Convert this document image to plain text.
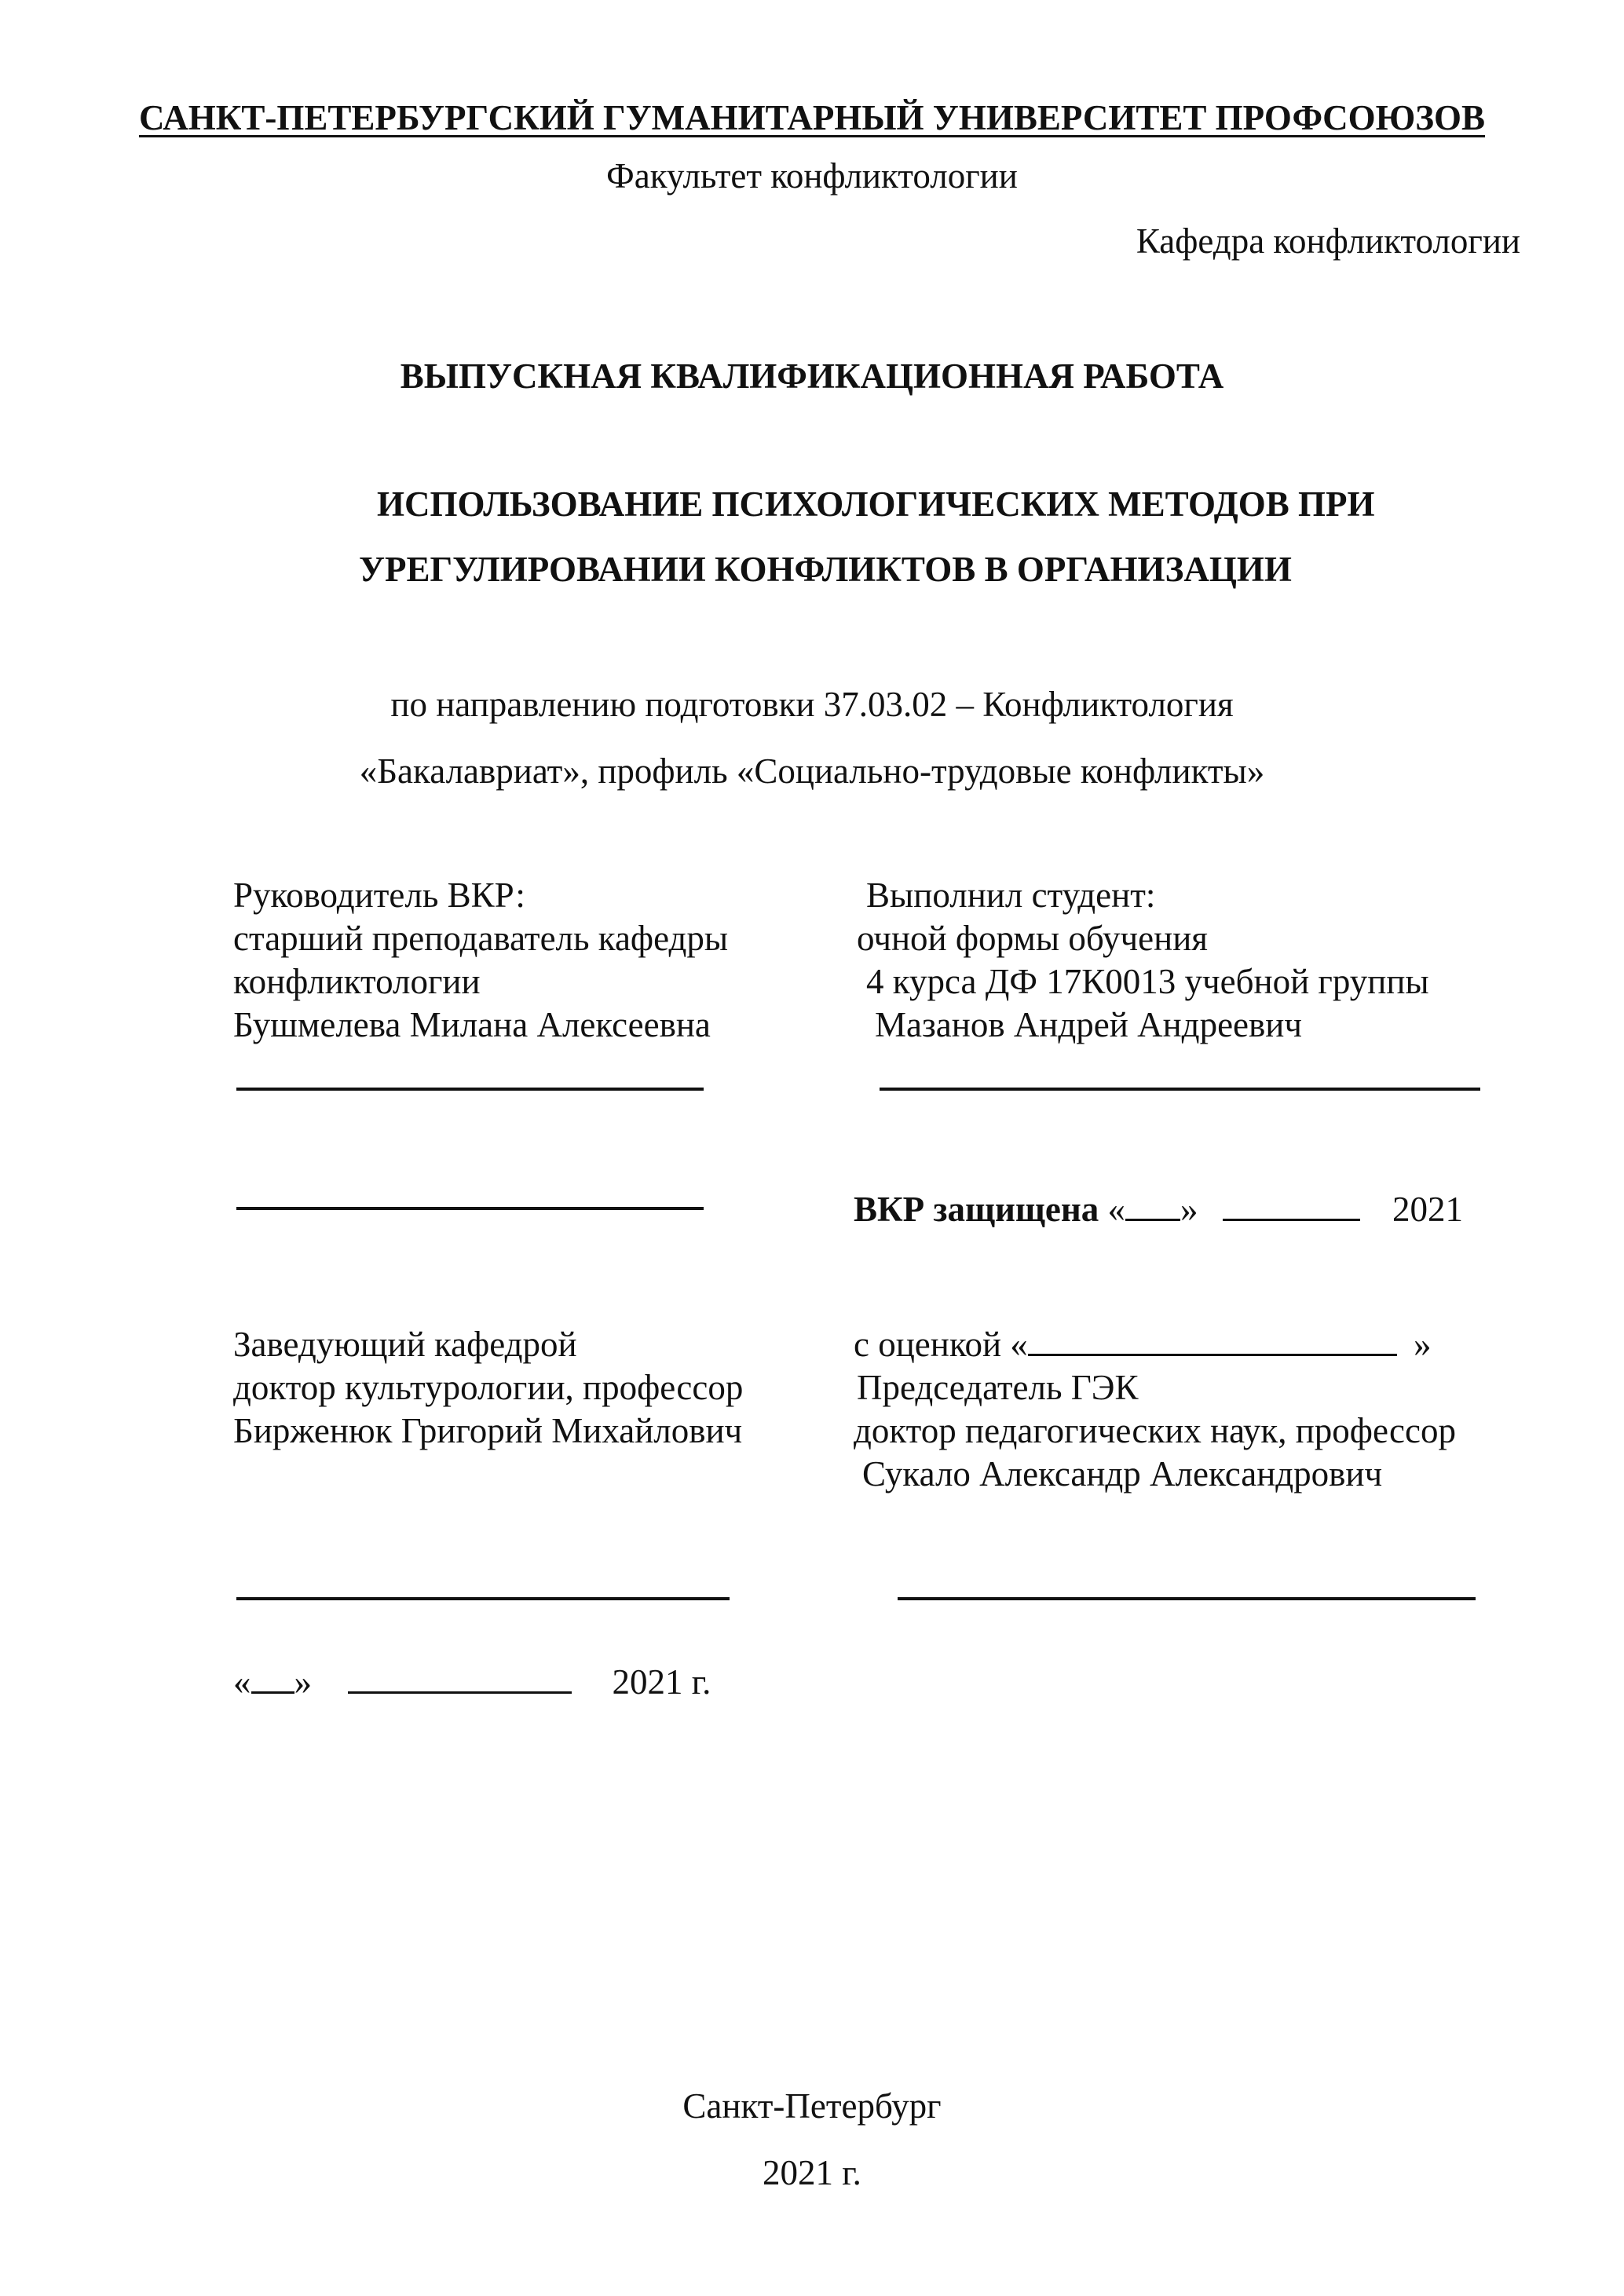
САНКТ-ПЕТЕРБУРГСКИЙ ГУМАНИТАРНЫЙ УНИВЕРСИТЕТ ПРОФСОЮЗОВ
Факультет конфликтологии
Кафедра конфликтологии
ВЫПУСКНАЯ КВАЛИФИКАЦИОННАЯ РАБОТА
ИСПОЛЬЗОВАНИЕ ПСИХОЛОГИЧЕСКИХ МЕТОДОВ ПРИ
УРЕГУЛИРОВАНИИ КОНФЛИКТОВ В ОРГАНИЗАЦИИ
по направлению подготовки 37.03.02 – Конфликтология
«Бакалавриат», профиль «Социально-трудовые конфликты»
Руководитель ВКР:
старший преподаватель кафедры
конфликтологии
Бушмелева Милана Алексеевна
Выполнил студент:
очной формы обучения
4 курса ДФ 17К0013 учебной группы
Мазанов Андрей Андреевич
ВКР защищена « »	2021
Заведующий кафедрой
доктор культурологии, профессор
Бирженюк Григорий Михайлович
с оценкой «	»
Председатель ГЭК
доктор педагогических наук, профессор
Сукало Александр Александрович
« »	2021 г.
Санкт-Петербург
2021 г.
